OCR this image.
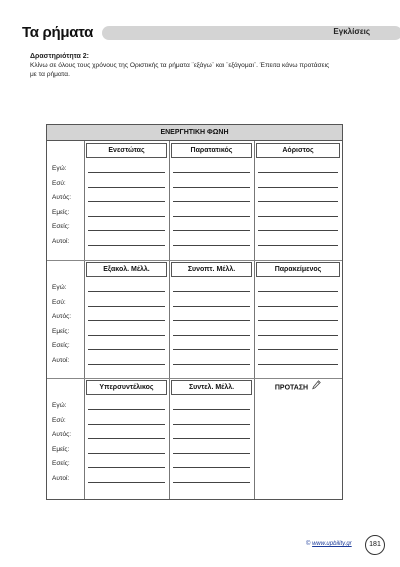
Τα ρήματα	Εγκλίσεις
Δραστηριότητα 2:
Κλίνω σε όλους τους χρόνους της Οριστικής τα ρήματα ¨εξάγω¨ και ¨εξάγομαι¨. Έπειτα κάνω προτάσεις
με τα ρήματα.
ΕΝΕΡΓΗΤΙΚΗ ΦΩΝΗ
Ενεστώτας	Παρατατικός	Αόριστος
Εγώ:
Εσύ:
Αυτός:
Εμείς:
Εσείς:
Αυτοί:
Εξακολ. Μέλλ.	Συνοπτ. Μέλλ.	Παρακείμενος
Εγώ:
Εσύ:
Αυτός:
Εμείς:
Εσείς:
Αυτοί:
Υπερσυντέλικος	Συντελ. Μέλλ.	ΠΡΟΤΑΣΗ
Εγώ:
Εσύ:
Αυτός:
Εμείς:
Εσείς:
Αυτοί:
© www.upbility.gr	181
